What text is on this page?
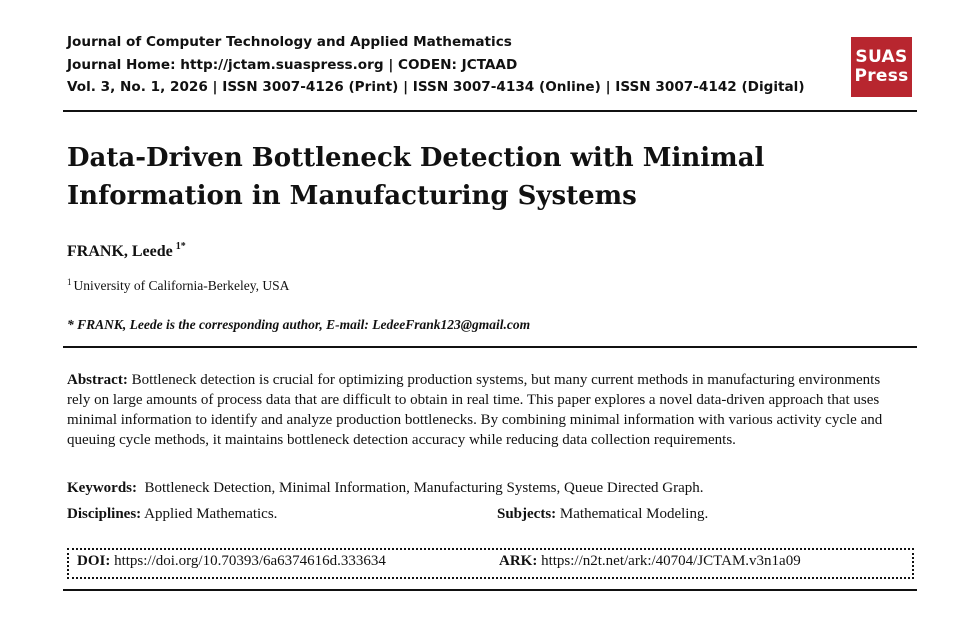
Journal of Computer Technology and Applied Mathematics
Journal Home: http://jctam.suaspress.org | CODEN: JCTAAD
Vol. 3, No. 1, 2026 | ISSN 3007-4126 (Print) | ISSN 3007-4134 (Online) | ISSN 3007-4142 (Digital)
SUAS
Press
Data-Driven Bottleneck Detection with Minimal
Information in Manufacturing Systems
FRANK, Leede $^{1*}$
$^1$ University of California-Berkeley, USA
* FRANK, Leede is the corresponding author, E-mail: LedeeFrank123@gmail.com
Abstract: Bottleneck detection is crucial for optimizing production systems, but many current methods in manufacturing environments rely on large amounts of process data that are difficult to obtain in real time. This paper explores a novel data-driven approach that uses minimal information to identify and analyze production bottlenecks. By combining minimal information with various activity cycle and queuing cycle methods, it maintains bottleneck detection accuracy while reducing data collection requirements.
Keywords: Bottleneck Detection, Minimal Information, Manufacturing Systems, Queue Directed Graph.
Disciplines: Applied Mathematics.	Subjects: Mathematical Modeling.
DOI: https://doi.org/10.70393/6a6374616d.333634	ARK: https://n2t.net/ark:/40704/JCTAM.v3n1a09
